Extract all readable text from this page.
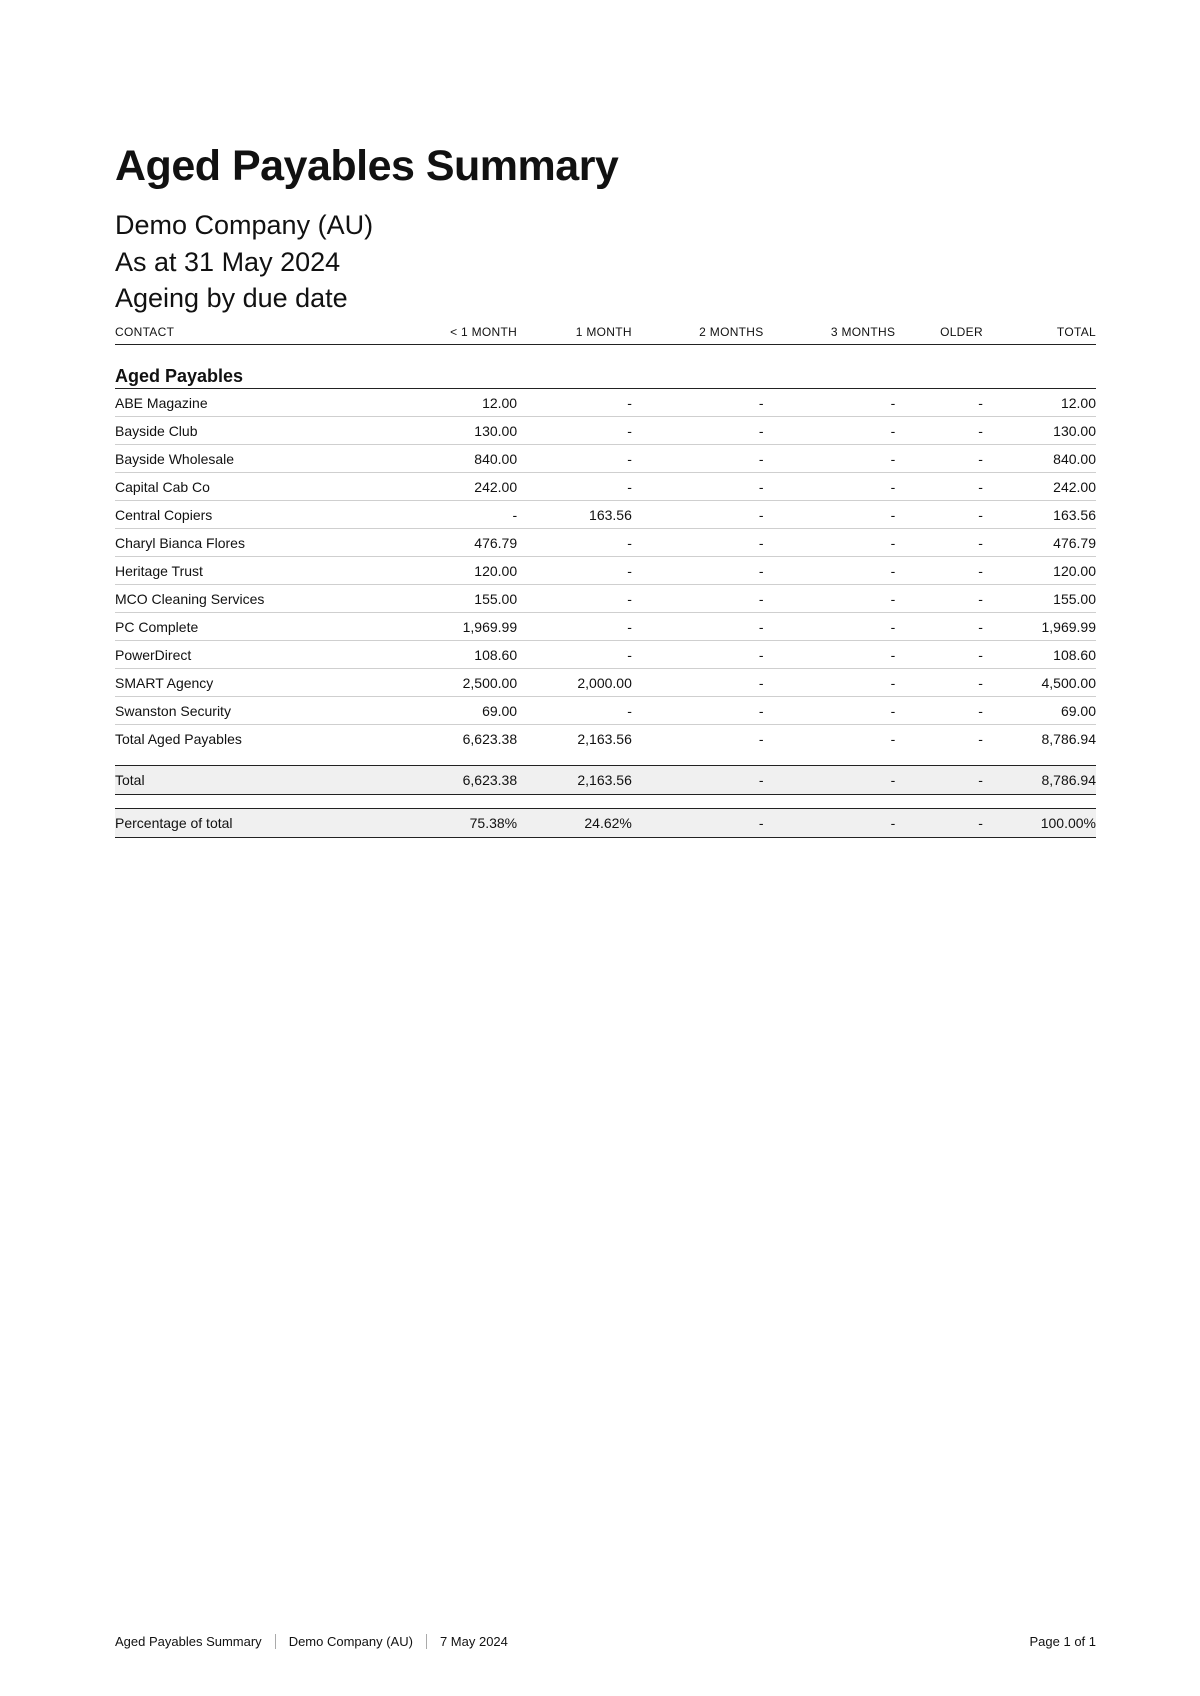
Aged Payables Summary
Demo Company (AU)
As at 31 May 2024
Ageing by due date
CONTACT	< 1 MONTH	1 MONTH	2 MONTHS	3 MONTHS	OLDER	TOTAL
Aged Payables						
ABE Magazine	12.00	-	-	-	-	12.00
Bayside Club	130.00	-	-	-	-	130.00
Bayside Wholesale	840.00	-	-	-	-	840.00
Capital Cab Co	242.00	-	-	-	-	242.00
Central Copiers	-	163.56	-	-	-	163.56
Charyl Bianca Flores	476.79	-	-	-	-	476.79
Heritage Trust	120.00	-	-	-	-	120.00
MCO Cleaning Services	155.00	-	-	-	-	155.00
PC Complete	1,969.99	-	-	-	-	1,969.99
PowerDirect	108.60	-	-	-	-	108.60
SMART Agency	2,500.00	2,000.00	-	-	-	4,500.00
Swanston Security	69.00	-	-	-	-	69.00
Total Aged Payables	6,623.38	2,163.56	-	-	-	8,786.94

Total	6,623.38	2,163.56	-	-	-	8,786.94

Percentage of total	75.38%	24.62%	-	-	-	100.00%
Aged Payables Summary Demo Company (AU) 7 May 2024	Page 1 of 1
